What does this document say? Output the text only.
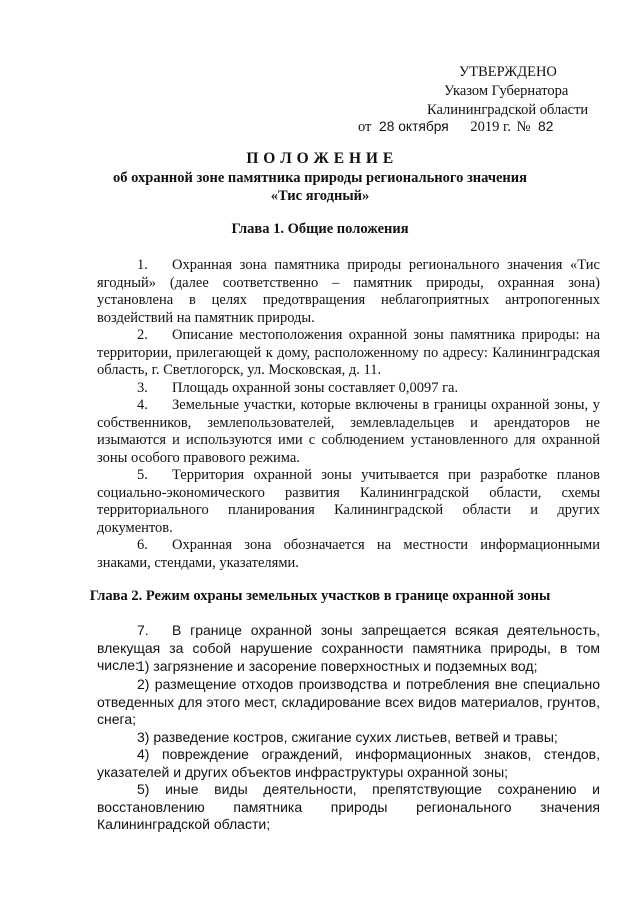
УТВЕРЖДЕНО
Указом Губернатора
Калининградской области
от 28 октября 2019 г. № 82
П О Л О Ж Е Н И Е
об охранной зоне памятника природы регионального значения
«Тис ягодный»
Глава 1. Общие положения
1. Охранная зона памятника природы регионального значения «Тис ягодный» (далее соответственно – памятник природы, охранная зона) установлена в целях предотвращения неблагоприятных антропогенных воздействий на памятник природы.
2. Описание местоположения охранной зоны памятника природы: на территории, прилегающей к дому, расположенному по адресу: Калининградская область, г. Светлогорск, ул. Московская, д. 11.
3. Площадь охранной зоны составляет 0,0097 га.
4. Земельные участки, которые включены в границы охранной зоны, у собственников, землепользователей, землевладельцев и арендаторов не изымаются и используются ими с соблюдением установленного для охранной зоны особого правового режима.
5. Территория охранной зоны учитывается при разработке планов социально-экономического развития Калининградской области, схемы территориального планирования Калининградской области и других документов.
6. Охранная зона обозначается на местности информационными знаками, стендами, указателями.
Глава 2. Режим охраны земельных участков в границе охранной зоны
7. В границе охранной зоны запрещается всякая деятельность, влекущая за собой нарушение сохранности памятника природы, в том числе:
1) загрязнение и засорение поверхностных и подземных вод;
2) размещение отходов производства и потребления вне специально отведенных для этого мест, складирование всех видов материалов, грунтов, снега;
3) разведение костров, сжигание сухих листьев, ветвей и травы;
4) повреждение ограждений, информационных знаков, стендов, указателей и других объектов инфраструктуры охранной зоны;
5) иные виды деятельности, препятствующие сохранению и восстановлению памятника природы регионального значения Калининградской области;
